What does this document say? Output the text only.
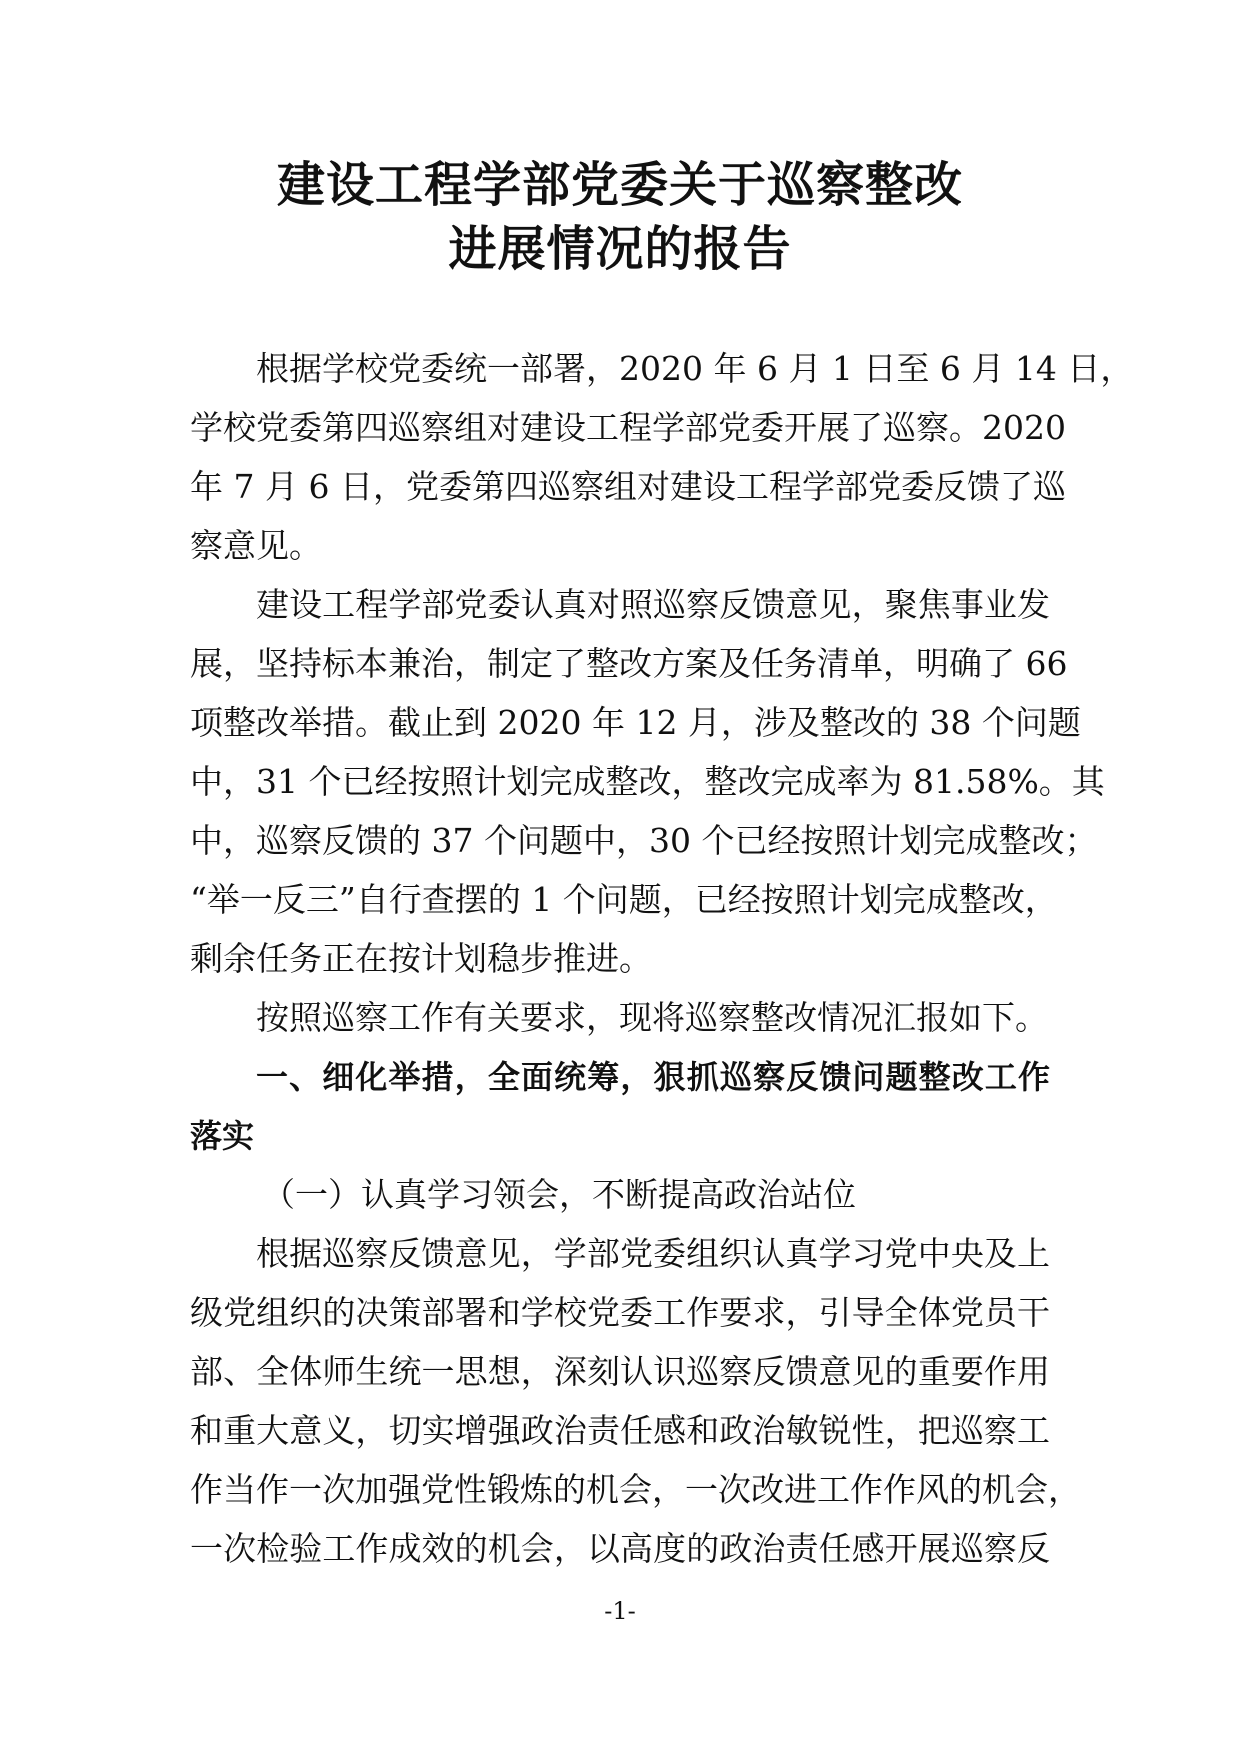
建设工程学部党委关于巡察整改
进展情况的报告

根据学校党委统一部署，2020 年 6 月 1 日至 6 月 14 日，

学校党委第四巡察组对建设工程学部党委开展了巡察。2020

年 7 月 6 日，党委第四巡察组对建设工程学部党委反馈了巡

察意见。

建设工程学部党委认真对照巡察反馈意见，聚焦事业发

展，坚持标本兼治，制定了整改方案及任务清单，明确了 66

项整改举措。截止到 2020 年 12 月，涉及整改的 38 个问题

中，31 个已经按照计划完成整改，整改完成率为 81.58%。其

中，巡察反馈的 37 个问题中，30 个已经按照计划完成整改；

“举一反三”自行查摆的 1 个问题，已经按照计划完成整改，

剩余任务正在按计划稳步推进。

按照巡察工作有关要求，现将巡察整改情况汇报如下。

一、细化举措，全面统筹，狠抓巡察反馈问题整改工作

落实

（一）认真学习领会，不断提高政治站位

根据巡察反馈意见，学部党委组织认真学习党中央及上

级党组织的决策部署和学校党委工作要求，引导全体党员干

部、全体师生统一思想，深刻认识巡察反馈意见的重要作用

和重大意义，切实增强政治责任感和政治敏锐性，把巡察工

作当作一次加强党性锻炼的机会，一次改进工作作风的机会，

一次检验工作成效的机会，以高度的政治责任感开展巡察反

-1-
